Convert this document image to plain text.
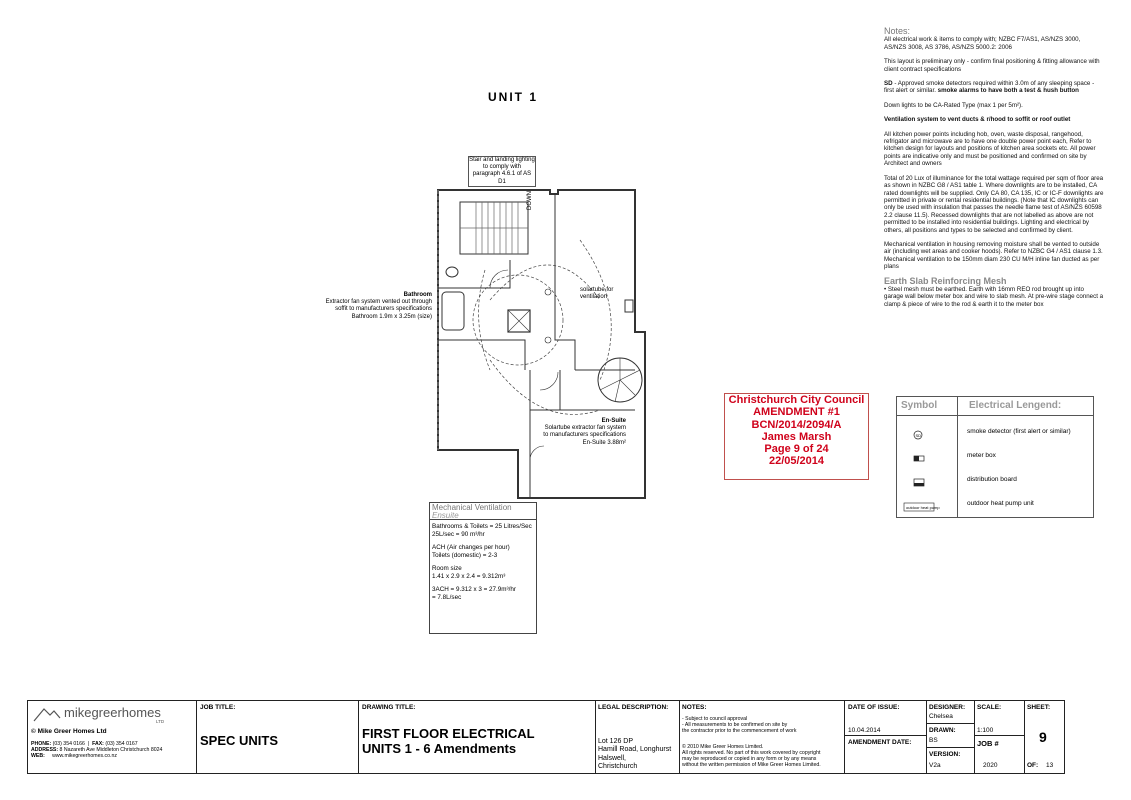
UNIT 1
DOWN
Stair and landing lighting to comply with paragraph 4.6.1 of AS D1
Bathroom
Extractor fan system vented out through
soffit to manufacturers specifications
Bathroom 1.9m x 3.25m (size)
solartube for
ventilation
En-Suite
Solartube extractor fan system
to manufacturers specifications
En-Suite 3.88m²
Mechanical Ventilation
Ensuite

Bathrooms & Toilets = 25 Litres/Sec
25L/sec = 90 m³/hr

ACH (Air changes per hour)
Toilets (domestic) = 2-3

Room size
1.41 x 2.9 x 2.4 = 9.312m³

3ACH = 9.312 x 3 = 27.9m³/hr
= 7.8L/sec

Christchurch City Council
AMENDMENT #1
BCN/2014/2094/A
James Marsh
Page 9 of 24
22/05/2014
Notes:

All electrical work & items to comply with; NZBC F7/AS1, AS/NZS 3000, AS/NZS 3008, AS 3786, AS/NZS 5000.2: 2006

This layout is preliminary only - confirm final positioning & fitting allowance with client contract specifications

SD - Approved smoke detectors required within 3.0m of any sleeping space - first alert or similar. smoke alarms to have both a test & hush button

Down lights to be CA-Rated Type (max 1 per 5m²).

Ventilation system to vent ducts & r/hood to soffit or roof outlet

All kitchen power points including hob, oven, waste disposal, rangehood, refrigator and microwave are to have one double power point each, Refer to kitchen design for layouts and positions of kitchen area sockets etc. All power points are indicative only and must be positioned and confirmed on site by Architect and owners

Total of 20 Lux of illuminance for the total wattage required per sqm of floor area as shown in NZBC G8 / AS1 table 1. Where downlights are to be installed, CA rated downlights will be supplied. Only CA 80, CA 135, IC or IC-F downlights are permitted in private or rental residential buildings. (Note that IC downlights can only be used with insulation that passes the needle flame test of AS/NZS 60598 2.2 clause 11.5). Recessed downlights that are not labelled as above are not permitted to be installed into residential buildings. Lighting and electrical by others, all positions and types to be selected and confirmed by client.

Mechanical ventilation in housing removing moisture shall be vented to outside air (including wet areas and cooker hoods). Refer to NZBC G4 / AS1 clause 1.3. Mechanical ventilation to be 150mm diam 230 CU M/H inline fan ducted as per plans

Earth Slab Reinforcing Mesh

• Steel mesh must be earthed. Earth with 16mm REO rod brought up into garage wall below meter box and wire to slab mesh. At pre-wire stage connect a clamp & piece of wire to the rod & earth it to the meter box

Symbol	Electrical Lengend:
SD
smoke detector (first alert or similar)
meter box
distribution board
outdoor heat pump
outdoor heat pump unit
mikegreerhomes
LTD
© Mike Greer Homes Ltd
PHONE: (03) 354 0166  |  FAX: (03) 354 0167
ADDRESS: 8 Nazareth Ave Middleton Christchurch 8024
WEB: www.mikegreerhomes.co.nz
JOB TITLE:
SPEC UNITS
DRAWING TITLE:
FIRST FLOOR ELECTRICAL
UNITS 1 - 6 Amendments
LEGAL DESCRIPTION:
Lot 126 DP
Hamill Road, Longhurst
Halswell,
Christchurch
NOTES:
- Subject to council approval
- All measurements to be confirmed on site by
the contractor prior to the commencement of work
© 2010 Mike Greer Homes Limited.
All rights reserved. No part of this work covered by copyright
may be reproduced or copied in any form or by any means
without the written permission of Mike Greer Homes Limited.
DATE OF ISSUE:
10.04.2014
AMENDMENT DATE:
DESIGNER:
Chelsea
DRAWN:
BS
VERSION:
V2a
SCALE:
1:100
JOB #
2020
SHEET:
9
OF: 13
